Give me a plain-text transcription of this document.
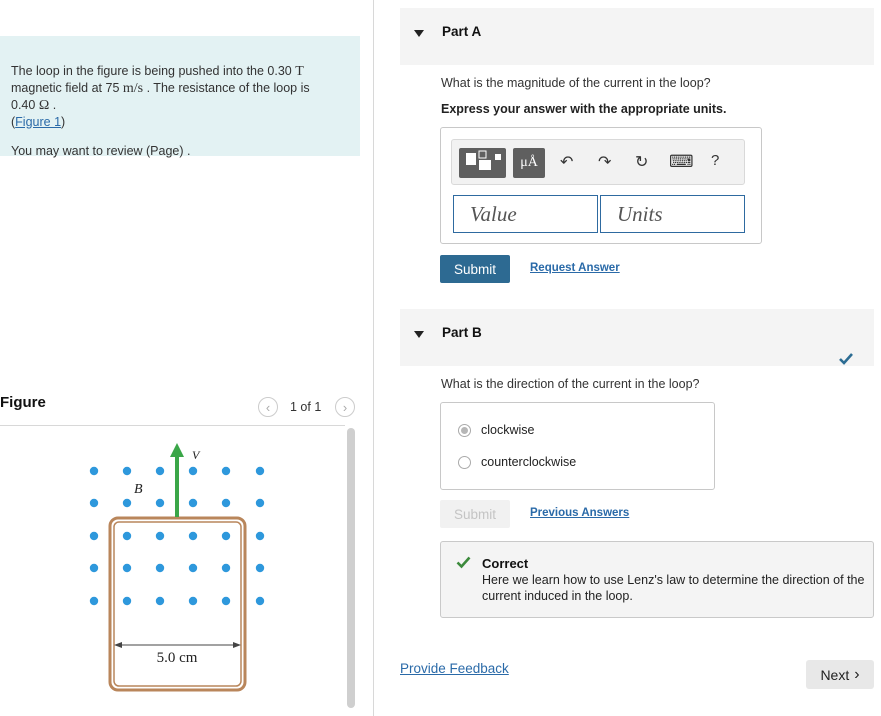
The loop in the figure is being pushed into the 0.30 T
magnetic field at 75 m/s . The resistance of the loop is
0.40 Ω .
(Figure 1)

You may want to review (Page) .

Figure	‹ 1 of 1 ›
V
B
5.0 cm
Part A
What is the magnitude of the current in the loop?
Express your answer with the appropriate units.
μÅ	↶ ↷ ↻ ⌨ ?
Value	Units
Submit	Request Answer
Part B
What is the direction of the current in the loop?
clockwise
counterclockwise
Submit	Previous Answers
Correct
Here we learn how to use Lenz's law to determine the direction of the current induced in the loop.
Provide Feedback	Next ›
